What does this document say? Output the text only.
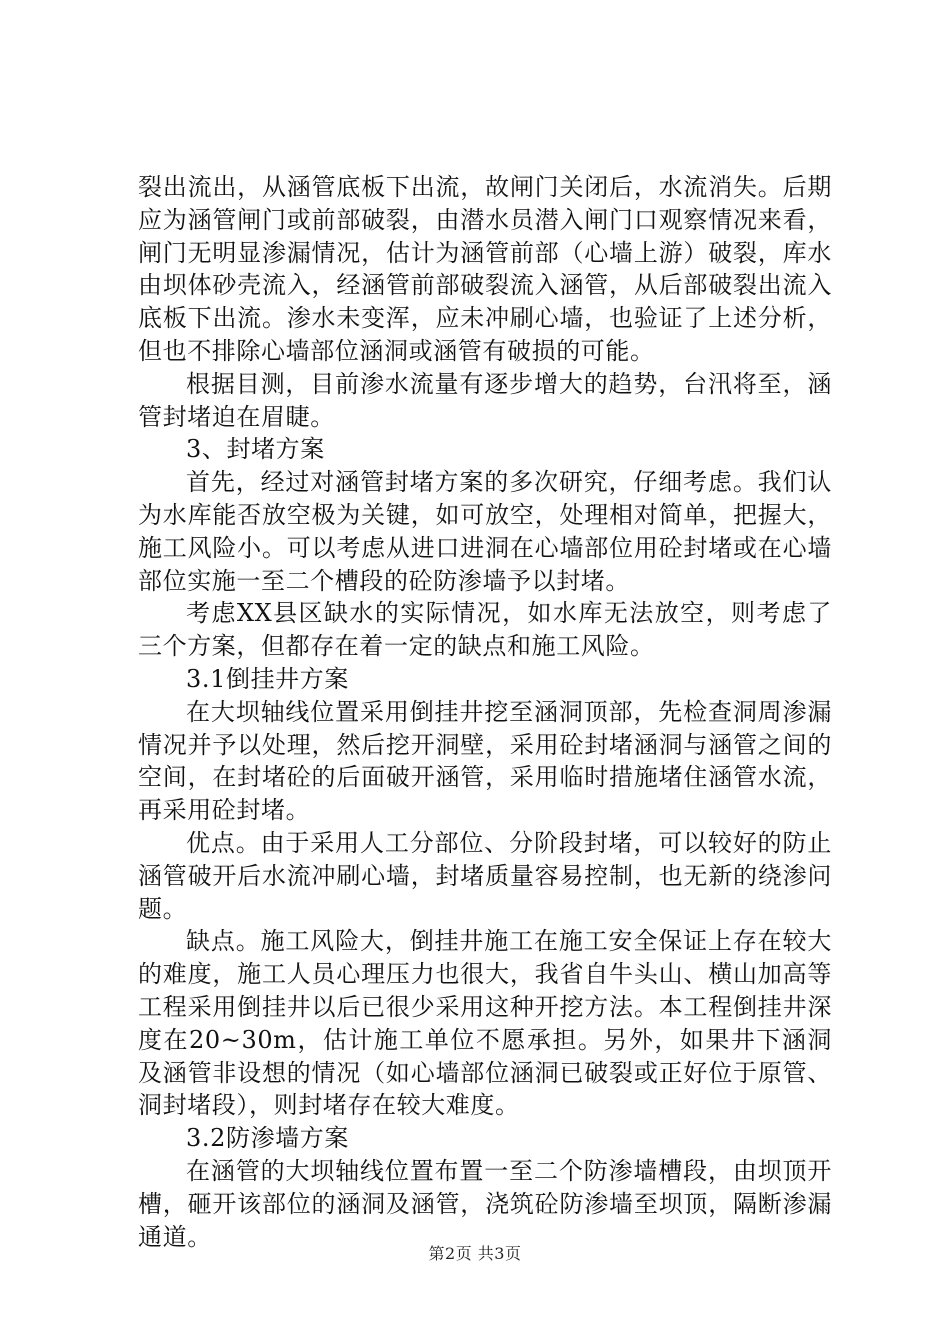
裂出流出，从涵管底板下出流，故闸门关闭后，水流消失。后期应为涵管闸门或前部破裂，由潜水员潜入闸门口观察情况来看，闸门无明显渗漏情况，估计为涵管前部（心墙上游）破裂，库水由坝体砂壳流入，经涵管前部破裂流入涵管，从后部破裂出流入底板下出流。渗水未变浑，应未冲刷心墙，也验证了上述分析，但也不排除心墙部位涵洞或涵管有破损的可能。

根据目测，目前渗水流量有逐步增大的趋势，台汛将至，涵管封堵迫在眉睫。

3、封堵方案

首先，经过对涵管封堵方案的多次研究，仔细考虑。我们认为水库能否放空极为关键，如可放空，处理相对简单，把握大，施工风险小。可以考虑从进口进洞在心墙部位用砼封堵或在心墙部位实施一至二个槽段的砼防渗墙予以封堵。

考虑XX县区缺水的实际情况，如水库无法放空，则考虑了三个方案，但都存在着一定的缺点和施工风险。

3.1倒挂井方案

在大坝轴线位置采用倒挂井挖至涵洞顶部，先检查洞周渗漏情况并予以处理，然后挖开洞壁，采用砼封堵涵洞与涵管之间的空间，在封堵砼的后面破开涵管，采用临时措施堵住涵管水流，再采用砼封堵。

优点。由于采用人工分部位、分阶段封堵，可以较好的防止涵管破开后水流冲刷心墙，封堵质量容易控制，也无新的绕渗问题。

缺点。施工风险大，倒挂井施工在施工安全保证上存在较大的难度，施工人员心理压力也很大，我省自牛头山、横山加高等工程采用倒挂井以后已很少采用这种开挖方法。本工程倒挂井深度在20~30m，估计施工单位不愿承担。另外，如果井下涵洞及涵管非设想的情况（如心墙部位涵洞已破裂或正好位于原管、洞封堵段），则封堵存在较大难度。

3.2防渗墙方案

在涵管的大坝轴线位置布置一至二个防渗墙槽段，由坝顶开槽，砸开该部位的涵洞及涵管，浇筑砼防渗墙至坝顶，隔断渗漏通道。

第2页 共3页
